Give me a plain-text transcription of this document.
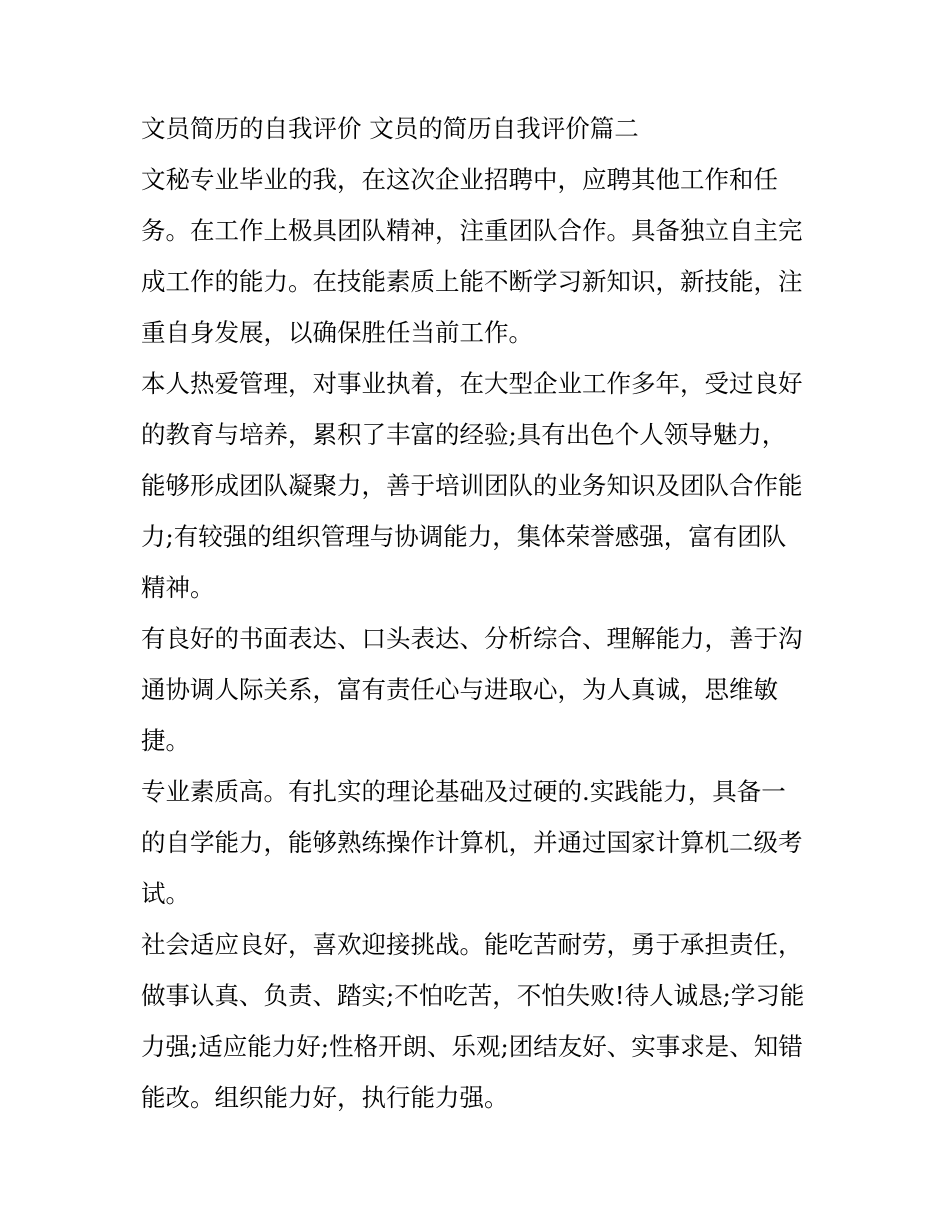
文员简历的自我评价 文员的简历自我评价篇二

文秘专业毕业的我，在这次企业招聘中，应聘其他工作和任
务。在工作上极具团队精神，注重团队合作。具备独立自主完
成工作的能力。在技能素质上能不断学习新知识，新技能，注
重自身发展，以确保胜任当前工作。

本人热爱管理，对事业执着，在大型企业工作多年，受过良好
的教育与培养，累积了丰富的经验;具有出色个人领导魅力，
能够形成团队凝聚力，善于培训团队的业务知识及团队合作能
力;有较强的组织管理与协调能力，集体荣誉感强，富有团队
精神。

有良好的书面表达、口头表达、分析综合、理解能力，善于沟
通协调人际关系，富有责任心与进取心，为人真诚，思维敏
捷。

专业素质高。有扎实的理论基础及过硬的.实践能力，具备一
的自学能力，能够熟练操作计算机，并通过国家计算机二级考
试。

社会适应良好，喜欢迎接挑战。能吃苦耐劳，勇于承担责任，
做事认真、负责、踏实;不怕吃苦，不怕失败!待人诚恳;学习能
力强;适应能力好;性格开朗、乐观;团结友好、实事求是、知错
能改。组织能力好，执行能力强。
